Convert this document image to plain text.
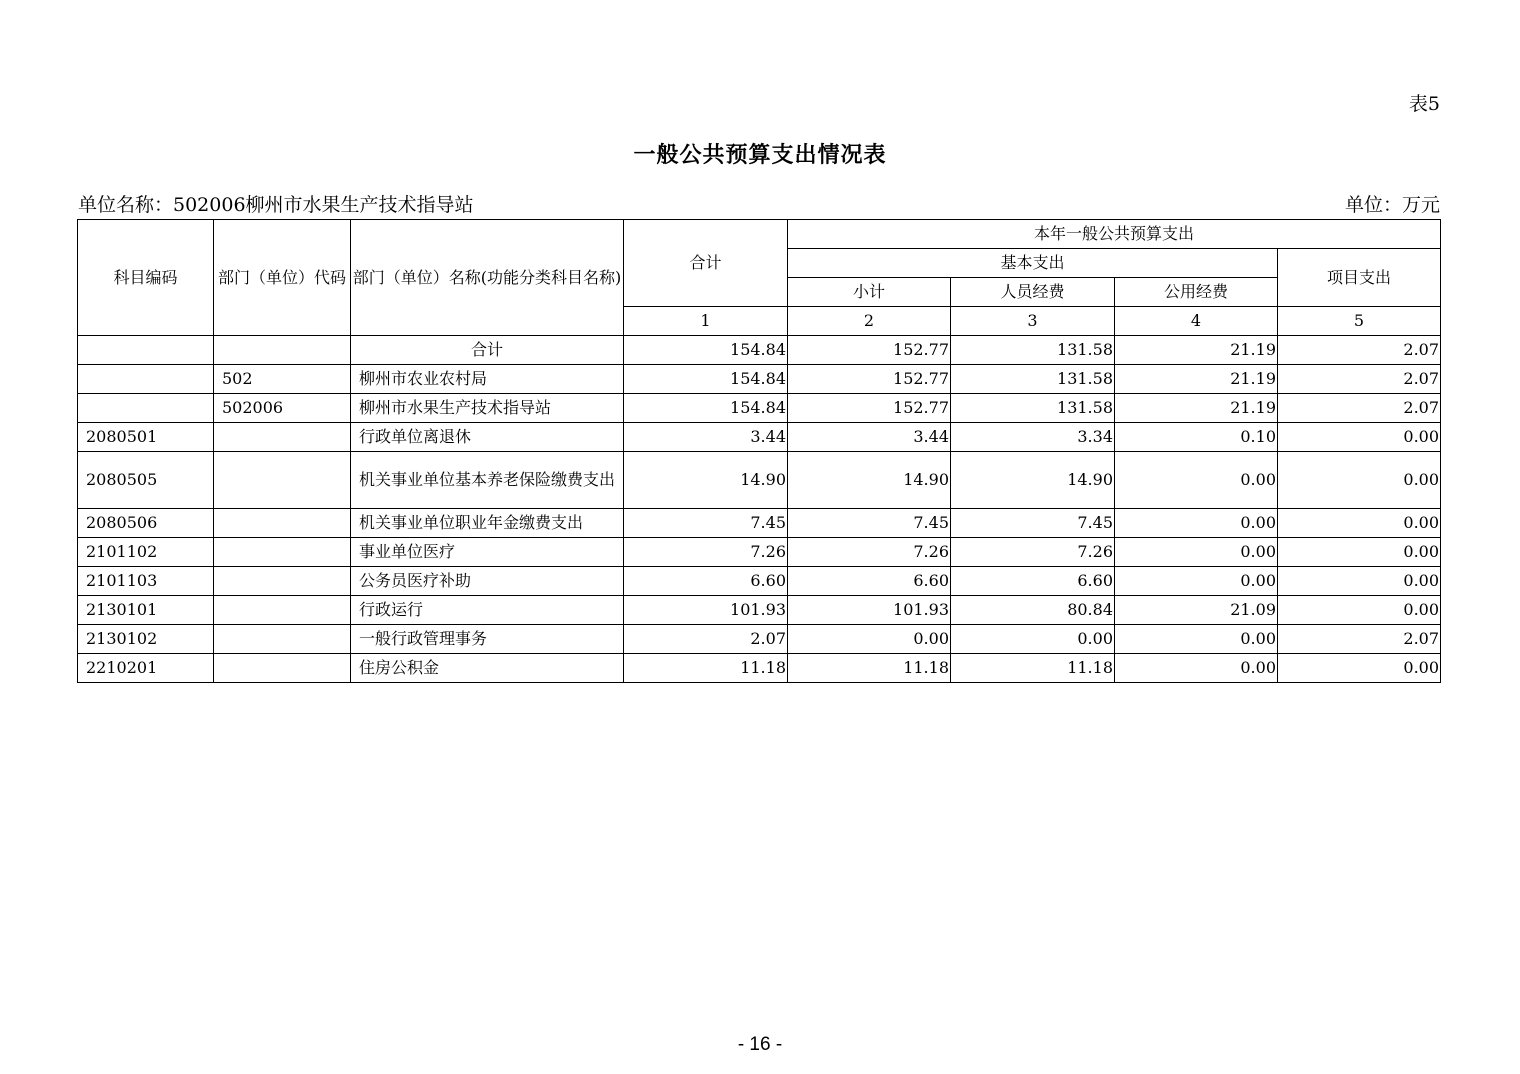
表5
一般公共预算支出情况表
单位名称：502006柳州市水果生产技术指导站	单位：万元
科目编码	部门（单位）代码	部门（单位）名称(功能分类科目名称)	合计	本年一般公共预算支出			
				基本支出			项目支出
				小计	人员经费	公用经费	
			1	2	3	4	5
		合计	154.84	152.77	131.58	21.19	2.07
	502	柳州市农业农村局	154.84	152.77	131.58	21.19	2.07
	502006	柳州市水果生产技术指导站	154.84	152.77	131.58	21.19	2.07
2080501		行政单位离退休	3.44	3.44	3.34	0.10	0.00
2080505		机关事业单位基本养老保险缴费支出	14.90	14.90	14.90	0.00	0.00
2080506		机关事业单位职业年金缴费支出	7.45	7.45	7.45	0.00	0.00
2101102		事业单位医疗	7.26	7.26	7.26	0.00	0.00
2101103		公务员医疗补助	6.60	6.60	6.60	0.00	0.00
2130101		行政运行	101.93	101.93	80.84	21.09	0.00
2130102		一般行政管理事务	2.07	0.00	0.00	0.00	2.07
2210201		住房公积金	11.18	11.18	11.18	0.00	0.00
- 16 -
